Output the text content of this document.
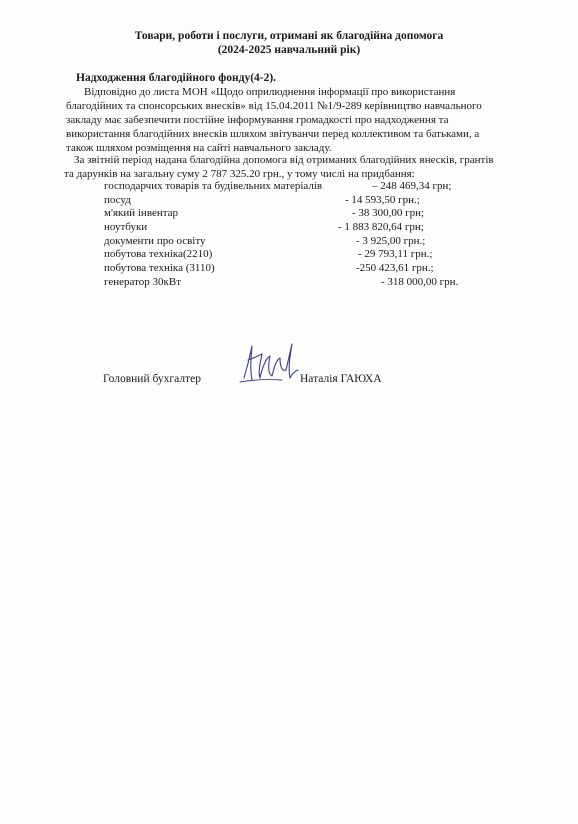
Товари, роботи і послуги, отримані як благодійна допомога
(2024-2025 навчальний рік)
Надходження благодійного фонду(4-2).
Відповідно до листа МОН «Щодо оприлюднення інформації про використання
благодійних та спонсорських внесків» від 15.04.2011 №1/9-289 керівництво навчального
закладу має забезпечити постійне інформування громадкості про надходження та
використання благодійних внесків шляхом звітуванчи перед коллективом та батьками, а
також шляхом розміщення на сайті навчального закладу.
За звітній період надана благодійна допомога від отриманих благодійних внесків, грантів
та дарунків на загальну суму 2 787 325.20 грн., у тому числі на придбання:
господарчих товарів та будівельних матеріалів	– 248 469,34 грн;
посуд	- 14 593,50 грн.;
м'який інвентар	- 38 300,00 грн;
ноутбуки	- 1 883 820,64 грн;
документи про освіту	- 3 925,00 грн.;
побутова техніка(2210)	- 29 793,11 грн.;
побутова техніка (3110)	-250 423,61 грн.;
генератор 30кВт	- 318 000,00 грн.
Головний бухгалтер	Наталія ГАЮХА
